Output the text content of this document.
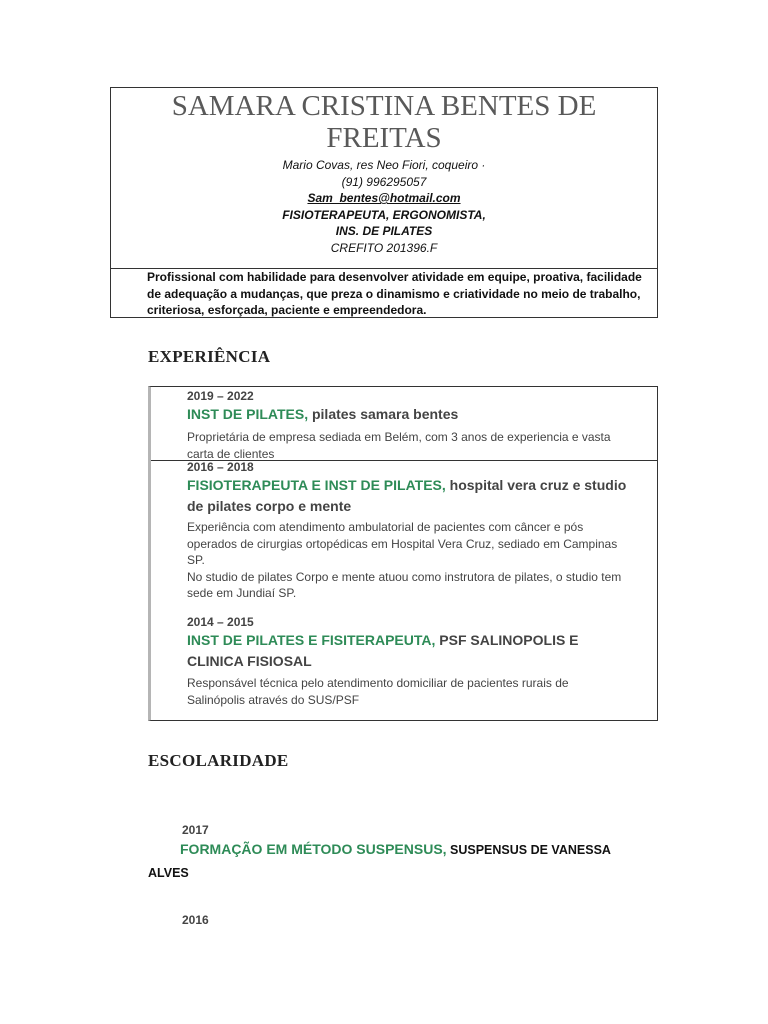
SAMARA CRISTINA BENTES DE FREITAS
Mario Covas, res Neo Fiori, coqueiro ·
(91) 996295057
Sam_bentes@hotmail.com
FISIOTERAPEUTA, ERGONOMISTA,
INS. DE PILATES
CREFITO 201396.F
Profissional com habilidade para desenvolver atividade em equipe, proativa, facilidade de adequação a mudanças, que preza o dinamismo e criatividade no meio de trabalho, criteriosa, esforçada, paciente e empreendedora.
EXPERIÊNCIA
2019 – 2022
INST DE PILATES, pilates samara bentes
Proprietária de empresa sediada em Belém, com 3 anos de experiencia e vasta carta de clientes
2016 – 2018
FISIOTERAPEUTA E INST DE PILATES, hospital vera cruz e studio de pilates corpo e mente
Experiência com atendimento ambulatorial de pacientes com câncer e pós operados de cirurgias ortopédicas em Hospital Vera Cruz, sediado em Campinas SP.
No studio de pilates Corpo e mente atuou como instrutora de pilates, o studio tem sede em Jundiaí SP.
2014 – 2015
INST DE PILATES E FISITERAPEUTA, PSF SALINOPOLIS E CLINICA FISIOSAL
Responsável técnica pelo atendimento domiciliar de pacientes rurais de Salinópolis através do SUS/PSF
ESCOLARIDADE
2017
FORMAÇÃO EM MÉTODO SUSPENSUS, SUSPENSUS DE VANESSA ALVES
2016
